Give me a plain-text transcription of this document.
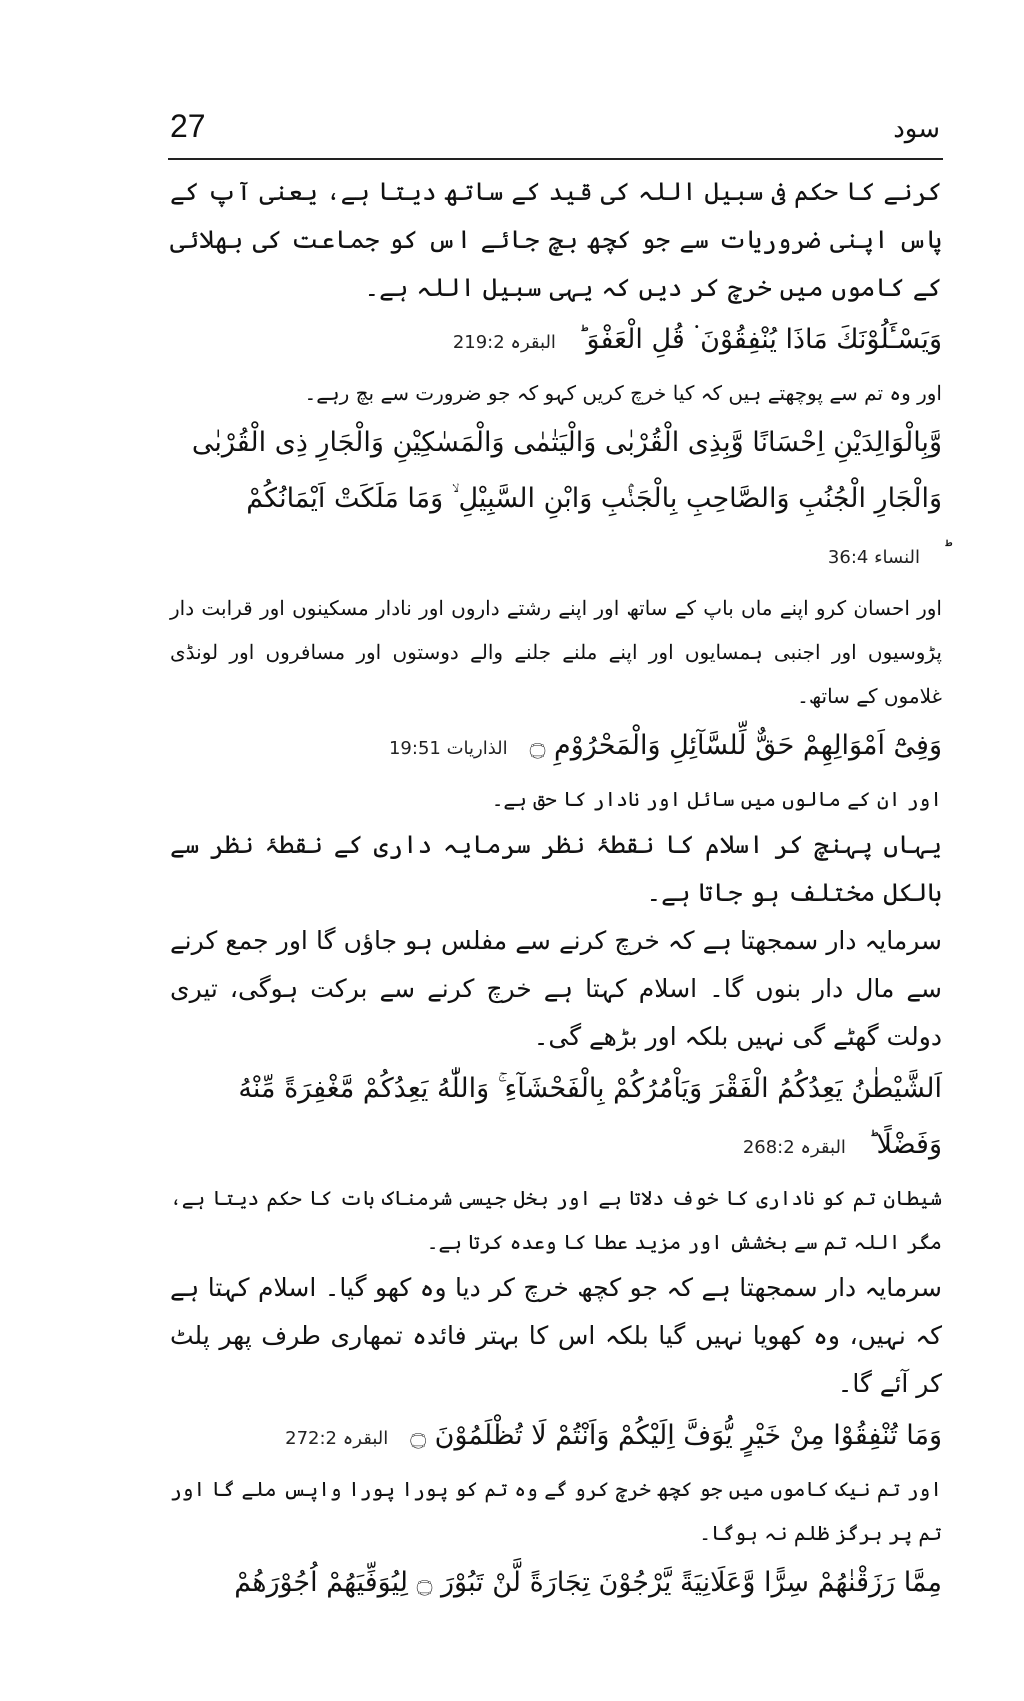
27	سود

کرنے کا حکم فی سبیل اللہ کی قید کے ساتھ دیتا ہے، یعنی آپ کے پاس اپنی ضروریات سے جو کچھ بچ جائے اس کو جماعت کی بھلائی کے کاموں میں خرچ کر دیں کہ یہی سبیل اللہ ہے۔

وَيَسْـَٔلُوْنَكَ مَاذَا يُنْفِقُوْنَ ۬ قُلِ الْعَفْوَ ؕالبقرہ 219:2

اور وہ تم سے پوچھتے ہیں کہ کیا خرچ کریں کہو کہ جو ضرورت سے بچ رہے۔

وَّبِالْوَالِدَيْنِ اِحْسَانًا وَّبِذِی الْقُرْبٰى وَالْيَتٰمٰى وَالْمَسٰكِيْنِ وَالْجَارِ ذِی الْقُرْبٰى وَالْجَارِ الْجُنُبِ وَالصَّاحِبِ بِالْجَنْۢبِ وَابْنِ السَّبِيْلِ ۙ وَمَا مَلَكَتْ اَيْمَانُكُمْ النساء 36:4

اور احسان کرو اپنے ماں باپ کے ساتھ اور اپنے رشتے داروں اور نادار مسکینوں اور قرابت دار پڑوسیوں اور اجنبی ہمسایوں اور اپنے ملنے جلنے والے دوستوں اور مسافروں اور لونڈی غلاموں کے ساتھ۔

وَفِیْٓ اَمْوَالِهِمْ حَقٌّ لِّلسَّآئِلِ وَالْمَحْرُوْمِ ۝الذاریات 19:51

اور ان کے مالوں میں سائل اور نادار کا حق ہے۔

یہاں پہنچ کر اسلام کا نقطۂ نظر سرمایہ داری کے نقطۂ نظر سے بالکل مختلف ہو جاتا ہے۔

سرمایہ دار سمجھتا ہے کہ خرچ کرنے سے مفلس ہو جاؤں گا اور جمع کرنے سے مال دار بنوں گا۔ اسلام کہتا ہے خرچ کرنے سے برکت ہوگی، تیری دولت گھٹے گی نہیں بلکہ اور بڑھے گی۔

اَلشَّيْطٰنُ يَعِدُكُمُ الْفَقْرَ وَيَاْمُرُكُمْ بِالْفَحْشَآءِ ۚ وَاللّٰهُ يَعِدُكُمْ مَّغْفِرَةً مِّنْهُ وَفَضْلًا ؕالبقرہ 268:2

شیطان تم کو ناداری کا خوف دلاتا ہے اور بخل جیسی شرمناک بات کا حکم دیتا ہے، مگر اللہ تم سے بخشش اور مزید عطا کا وعدہ کرتا ہے۔

سرمایہ دار سمجھتا ہے کہ جو کچھ خرچ کر دیا وہ کھو گیا۔ اسلام کہتا ہے کہ نہیں، وہ کھویا نہیں گیا بلکہ اس کا بہتر فائدہ تمھاری طرف پھر پلٹ کر آئے گا۔

وَمَا تُنْفِقُوْا مِنْ خَيْرٍ يُّوَفَّ اِلَيْكُمْ وَاَنْتُمْ لَا تُظْلَمُوْنَ ۝البقرہ 272:2

اور تم نیک کاموں میں جو کچھ خرچ کرو گے وہ تم کو پورا پورا واپس ملے گا اور تم پر ہرگز ظلم نہ ہوگا۔

مِمَّا رَزَقْنٰهُمْ سِرًّا وَّعَلَانِيَةً يَّرْجُوْنَ تِجَارَةً لَّنْ تَبُوْرَ ۝ لِيُوَفِّيَهُمْ اُجُوْرَهُمْ
